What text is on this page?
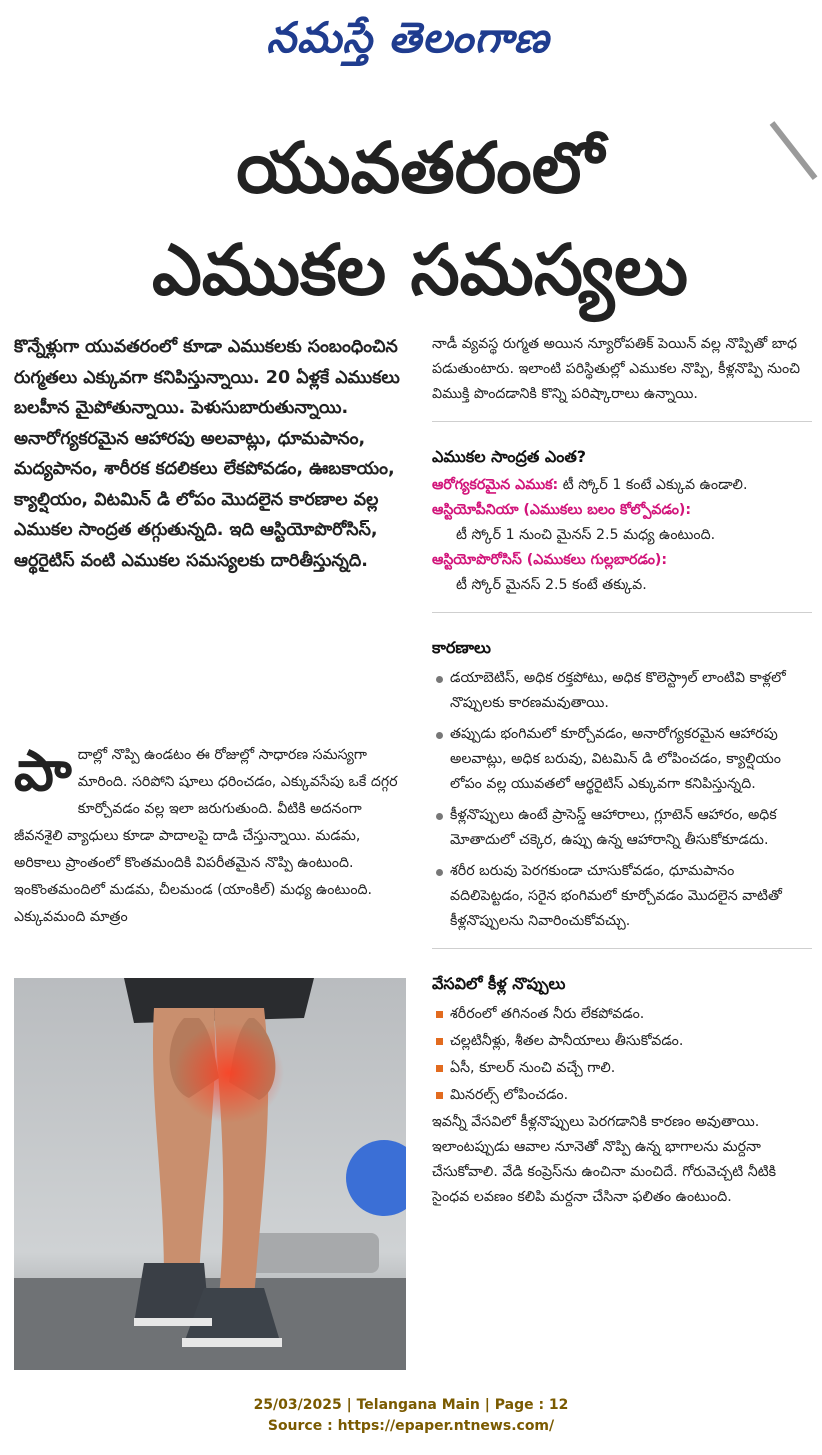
నమస్తే తెలంగాణ
యువతరంలో
ఎముకల సమస్యలు

కొన్నేళ్లుగా యువతరంలో కూడా ఎముకలకు సంబంధించిన రుగ్మతలు ఎక్కువగా కనిపిస్తున్నాయి. 20 ఏళ్లకే ఎముకలు బలహీన మైపోతున్నాయి. పెళుసుబారుతున్నాయి. అనారోగ్యకరమైన ఆహారపు అలవాట్లు, ధూమపానం, మద్యపానం, శారీరక కదలికలు లేకపోవడం, ఊబకాయం, క్యాల్షియం, విటమిన్ డి లోపం మొదలైన కారణాల వల్ల ఎముకల సాంద్రత తగ్గుతున్నది. ఇది ఆస్టియోపొరోసిస్, ఆర్థరైటిస్ వంటి ఎముకల సమస్యలకు దారితీస్తున్నది.

పా దాల్లో నొప్పి ఉండటం ఈ రోజుల్లో సాధారణ సమస్యగా మారింది. సరిపోని షూలు ధరించడం, ఎక్కువసేపు ఒకే దగ్గర కూర్చోవడం వల్ల ఇలా జరుగుతుంది. వీటికి అదనంగా జీవనశైలి వ్యాధులు కూడా పాదాలపై దాడి చేస్తున్నాయి. మడమ, అరికాలు ప్రాంతంలో కొంతమందికి విపరీతమైన నొప్పి ఉంటుంది. ఇంకొంతమందిలో మడమ, చీలమండ (యాంకిల్) మధ్య ఉంటుంది. ఎక్కువమంది మాత్రం

నాడీ వ్యవస్థ రుగ్మత అయిన న్యూరోపతిక్ పెయిన్ వల్ల నొప్పితో బాధ పడుతుంటారు. ఇలాంటి పరిస్థితుల్లో ఎముకల నొప్పి, కీళ్లనొప్పి నుంచి విముక్తి పొందడానికి కొన్ని పరిష్కారాలు ఉన్నాయి.

ఎముకల సాంద్రత ఎంత?

ఆరోగ్యకరమైన ఎముక: టీ స్కోర్ 1 కంటే ఎక్కువ ఉండాలి.

ఆస్టియోపీనియా (ఎముకలు బలం కోల్పోవడం):
టీ స్కోర్ 1 నుంచి మైనస్ 2.5 మధ్య ఉంటుంది.

ఆస్టియోపొరోసిస్ (ఎముకలు గుల్లబారడం):
టీ స్కోర్ మైనస్ 2.5 కంటే తక్కువ.

కారణాలు
డయాబెటిస్, అధిక రక్తపోటు, అధిక కొలెస్ట్రాల్ లాంటివి కాళ్లలో నొప్పులకు కారణమవుతాయి.
తప్పుడు భంగిమలో కూర్చోవడం, అనారోగ్యకరమైన ఆహారపు అలవాట్లు, అధిక బరువు, విటమిన్ డి లోపించడం, క్యాల్షియం లోపం వల్ల యువతలో ఆర్థరైటిస్ ఎక్కువగా కనిపిస్తున్నది.
కీళ్లనొప్పులు ఉంటే ప్రాసెస్డ్ ఆహారాలు, గ్లూటెన్ ఆహారం, అధిక మోతాదులో చక్కెర, ఉప్పు ఉన్న ఆహారాన్ని తీసుకోకూడదు.
శరీర బరువు పెరగకుండా చూసుకోవడం, ధూమపానం వదిలిపెట్టడం, సరైన భంగిమలో కూర్చోవడం మొదలైన వాటితో కీళ్లనొప్పులను నివారించుకోవచ్చు.
వేసవిలో కీళ్ల నొప్పులు
శరీరంలో తగినంత నీరు లేకపోవడం.
చల్లటినీళ్లు, శీతల పానీయాలు తీసుకోవడం.
ఏసీ, కూలర్ నుంచి వచ్చే గాలి.
మినరల్స్ లోపించడం.

ఇవన్నీ వేసవిలో కీళ్లనొప్పులు పెరగడానికి కారణం అవుతాయి. ఇలాంటప్పుడు ఆవాల నూనెతో నొప్పి ఉన్న భాగాలను మర్దనా చేసుకోవాలి. వేడి కంప్రెస్‌ను ఉంచినా మంచిదే. గోరువెచ్చటి నీటికి సైంధవ లవణం కలిపి మర్దనా చేసినా ఫలితం ఉంటుంది.

25/03/2025 | Telangana Main | Page : 12
Source : https://epaper.ntnews.com/
